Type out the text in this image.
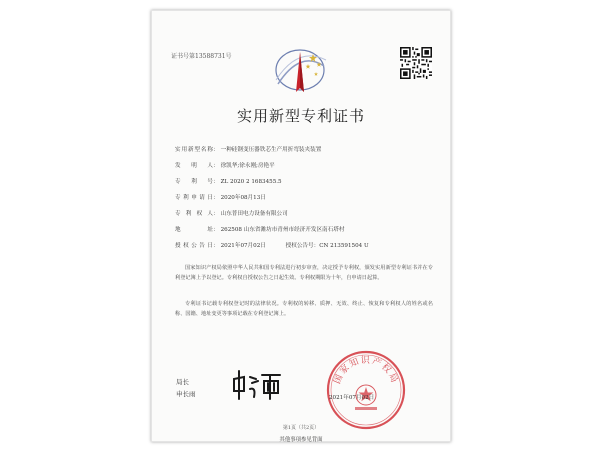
证书号第13588731号
实用新型专利证书
实用新型名称： 一种硅钢变压器铁芯生产用折弯装夹装置
发明人： 徐凯华;徐永刚;房艳平
专利号： ZL 2020 2 1683455.5
专利申请日： 2020年08月13日
专利权人： 山东普田电力设备有限公司
地址： 262508 山东省潍坊市青州市经济开发区南石塔村
授权公告日： 2021年07月02日	授权公告号：CN 213591504 U
国家知识产权局依照中华人民共和国专利法进行初步审查，决定授予专利权，颁发实用新型专利证书并在专利登记簿上予以登记。专利权自授权公告之日起生效。专利权期限为十年，自申请日起算。
专利证书记载专利权登记时的法律状况。专利权的转移、质押、无效、终止、恢复和专利权人的姓名或名称、国籍、地址变更等事项记载在专利登记簿上。
国家知识产权局
局长
申长雨	2021年07月02日
第1页（共2页）
其他事项参见背面
